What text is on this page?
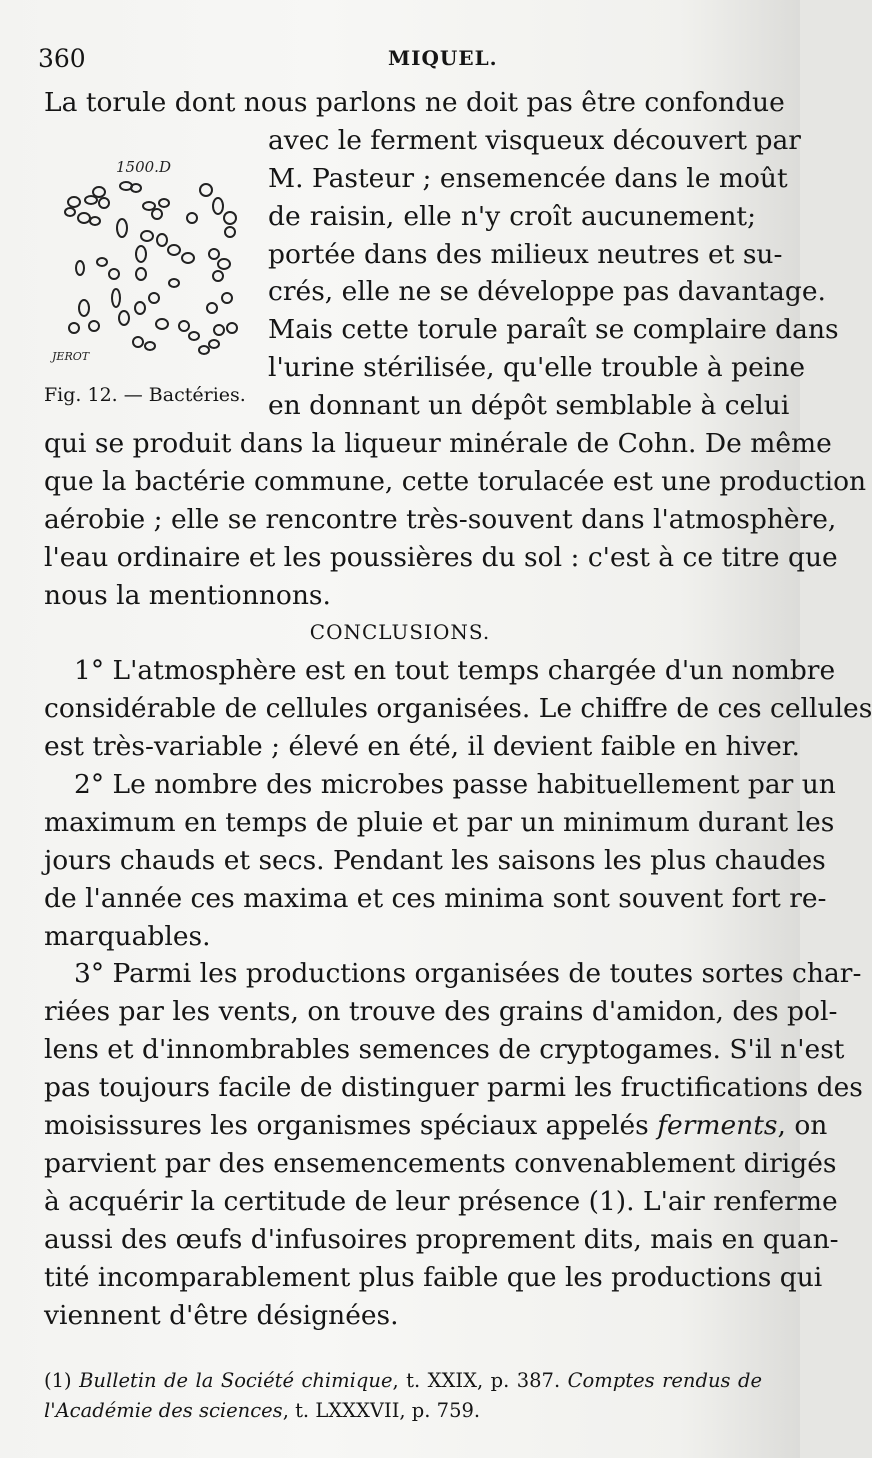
360	MIQUEL.
1500.D
JEROT
Fig. 12. — Bactéries.
La torule dont nous parlons ne doit pas être confondue
avec le ferment visqueux découvert par
M. Pasteur ; ensemencée dans le moût
de raisin, elle n'y croît aucunement;
portée dans des milieux neutres et su-
crés, elle ne se développe pas davantage.
Mais cette torule paraît se complaire dans
l'urine stérilisée, qu'elle trouble à peine
en donnant un dépôt semblable à celui
qui se produit dans la liqueur minérale de Cohn. De même
que la bactérie commune, cette torulacée est une production
aérobie ; elle se rencontre très-souvent dans l'atmosphère,
l'eau ordinaire et les poussières du sol : c'est à ce titre que
nous la mentionnons.
CONCLUSIONS.
1° L'atmosphère est en tout temps chargée d'un nombre
considérable de cellules organisées. Le chiffre de ces cellules
est très-variable ; élevé en été, il devient faible en hiver.
2° Le nombre des microbes passe habituellement par un
maximum en temps de pluie et par un minimum durant les
jours chauds et secs. Pendant les saisons les plus chaudes
de l'année ces maxima et ces minima sont souvent fort re-
marquables.
3° Parmi les productions organisées de toutes sortes char-
riées par les vents, on trouve des grains d'amidon, des pol-
lens et d'innombrables semences de cryptogames. S'il n'est
pas toujours facile de distinguer parmi les fructifications des
moisissures les organismes spéciaux appelés ferments, on
parvient par des ensemencements convenablement dirigés
à acquérir la certitude de leur présence (1). L'air renferme
aussi des œufs d'infusoires proprement dits, mais en quan-
tité incomparablement plus faible que les productions qui
viennent d'être désignées.
(1) Bulletin de la Société chimique, t. XXIX, p. 387. Comptes rendus de
l'Académie des sciences, t. LXXXVII, p. 759.
